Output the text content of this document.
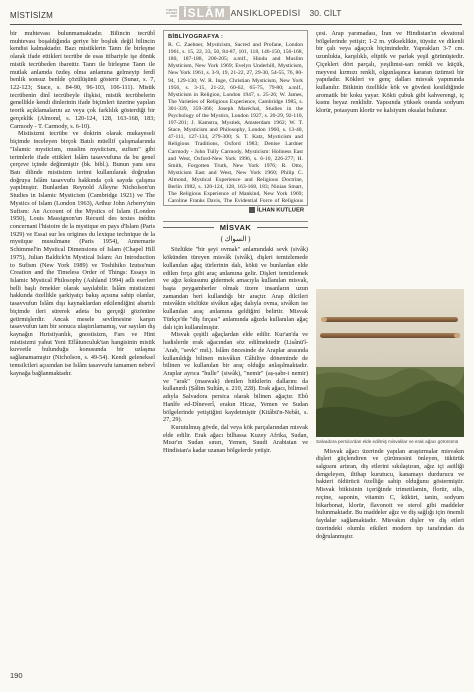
MİSTİSİZM
TÜRKİYE
DİYANET
VAKFI İSLÂM ANSİKLOPEDİSİ 30. CİLT

bir muhtevası bulunmamaktadır. Bilincin tecrübî muhtevası boşaldığında geriye bir boşluk değil bilincin kendisi kalmaktadır. Bazı mistiklerin Tanrı ile birleşme olarak ifade ettikleri tecrübe de esas itibariyle işe dönük mistik tecrübeden ibarettir. Tanrı ile birleşme Tanrı ile mutlak anlamda özdeş olma anlamına gelmeyip ferdî benlik sonsuz benlde çözülüşünü gösterir (Sunar, s. 7, 122-123; Stace, s. 84-90, 96-103, 106-111). Mistik tecrübenin dinî tecrübeyle ilişkisi, mistik tecrübelerin genellikle kendi dinlerinin ifade biçimleri üzerine yapılan teorik açıklamalarını az veya çok farklılık gösterdiği bir gerçeklik (Almond, s. 120-124, 128, 163-168, 183; Carmody - T. Carmody, s. 6-10).

Mistisizmi tecrübe ve doktrin olarak mukayeseli biçimde inceleyen birçok Batılı müellif çalışmalarında "Islamic mysticism, muslim mysticism, sufism" gibi terimlerle ifade ettikleri İslâm tasavvufuna da bu genel çerçeve içinde değinmiştir (bk. bibl.). Bunun yanı sıra Batı dilinde mistisizm terimi kullanılarak doğrudan doğruya İslâm tasavvufu hakkında çok sayıda çalışma yapılmıştır. Bunlardan Reynold Alleyne Nicholson'un Studies in Islamic Mysticism (Cambridge 1921) ve The Mystics of Islam (London 1963), Arthur John Arberry'nin Sufism: An Account of the Mystics of Islam (London 1950), Louis Massignon'un Recueil des textes inédits concernant l'histoire de la mystique en pays d'Islam (Paris 1929) ve Essai sur les origines du lexique technique de la mystique musulmane (Paris 1954), Annemarie Schimmel'in Mystical Dimensions of Islam (Chapel Hill 1975), Julian Baldick'in Mystical Islam: An Introduction to Sufism (New York 1989) ve Toshihiko Izutsu'nun Creation and the Timeless Order of Things: Essays in Islamic Mystical Philosophy (Ashland 1994) adlı eserleri belli başlı örnekler olarak sayılabilir. İslâm mistisizmi hakkında özellikle şarkiyatçı bakış açısına sahip olanlar, tasavvufun İslâm dışı kaynaklardan etkilendiğini abartılı biçimde ileri sürerek adeta bu gerçeği gözönüne getirmişlerdir. Ancak mesele sevilmesine karşın tasavvufun tam bir sonuca ulaştırılamamış, var sayılan dış kaynağın Hıristiyanlık, gnostisizm, Fars ve Hint mistisizmi yahut Yeni Eflâtunculuk'tan hangisinin mistik kuvvetle bulunduğu konusunda bir uzlaşma sağlanamamıştır (Nicholson, s. 49-54). Kendi geleneksel temsilcileri açısından ise İslâm tasavvufu tamamen nebevî kaynağa bağlanmaktadır.

BİBLİYOGRAFYA :
R. C. Zaehner, Mysticism, Sacred and Profane, London 1961, s. 15, 22, 33, 50, 84-87, 101, 118, 146-150, 156-168, 180, 187-188, 200-205; a.mlf., Hindu and Muslim Mysticism, New York 1969; Evelyn Underhill, Mysticism, New York 1961, s. 3-9, 19, 21-22, 27, 29-30, 54-55, 76, 80-94, 129-130; W. R. Inge, Christian Mysticism, New York 1956, s. 3-15, 21-22, 60-62, 65-75, 79-80; a.mlf., Mysticism in Religion, London 1947, s. 25-26; W. James, The Varieties of Religious Experience, Cambridge 1985, s. 301-339, 359-366; Joseph Maréchal, Studies in the Psychology of the Mystics, London 1927, s. 20-29, 92-110, 197-201; J. Kamstra, Mystiek, Amsterdam 1962; W. T. Stace, Mysticism and Philosophy, London 1960, s. 13-40, 47-111, 127-134, 279-300; S. T. Katz, Mysticism and Religious Traditions, Oxford 1983; Denise Lardner Carmody - John Tully Carmody, Mysticism: Holiness East and West, Oxford-New York 1996, s. 6-10, 226-277; H. Smith, Forgotten Truth, New York 1976; R. Otto, Mysticism East and West, New York 1960; Philip C. Almond, Mystical Experience and Religious Doctrine, Berlin 1982, s. 120-124, 128, 163-168, 183; Ninian Smart, The Religious Experience of Mankind, New York 1969; Caroline Franks Davis, The Evidential Force of Religious
İLHAN KUTLUER
MİSVAK
( السواك )

Sözlükte "bir şeyi ovmak" anlamındaki sevk (sivâk) kökünden türeyen misvâk (sivâk), dişleri temizlemede kullanılan ağaç türlerinin dalı, kökü ve bunlardan elde edilen fırça gibi araç anlamına gelir. Dişleri temizlemek ve ağız kokusunu gidermek amacıyla kullanılan misvak, başta peygamberler olmak üzere insanların uzun zamandan beri kullandığı bir araçtır. Arap dilcileri misvâkin sözlükte sivâkın ağaç dalıyla ovma, sivâkın ise kullanılan araç anlamına geldiğini belirtir. Misvak Türkçe'de "diş fırçası" anlamında ağızda kullanılan ağaç dalı için kullanılmıştır.

Misvak çeşitli ağaçlardan elde edilir. Kur'an'da ve hadislerde erak ağacından söz edilmektedir (Lisânü'l-ʿArab, "sevk" md.). İslâm öncesinde de Araplar arasında kullanıldığı bilinen misvâkın Câhiliye döneminde de bilinen ve kullanılan bir araç olduğu anlaşılmaktadır. Araplar ayrıca "hulle" (siwâk), "nemir" (aṣ-ṣabr-i nemir) ve "arak" (maswak) denilen bitkilerin dallarını da kullanırdı (Ṣâlim Sultân, s. 210, 228). Erak ağacı, bilimsel adıyla Salvadora persica olarak bilinen ağaçtır. Ebû Hanîfe ed-Dîneverî, erakın Hicaz, Yemen ve Sudan bölgelerinde yetiştiğini kaydetmiştir (Kitâbü'n-Nebât, s. 27, 29).

Kurutulmuş gövde, dal veya kök parçalarından misvak elde edilir. Erak ağacı bilhassa Kuzey Afrika, Sudan, Mısır'ın Sudan sınırı, Yemen, Suudi Arabistan ve Hindistan'a kadar uzanan bölgelerde yetişir.

çesi. Arap yarımadası, İran ve Hindistan'ın ekvatoral bölgelerinde yetişir; 1-2 m. yükseklikte, tüysüz ve dikenli bir çalı veya ağaçcık biçimindedir. Yaprakları 3-7 cm. uzunlukta, karşılıklı, eliptik ve parlak yeşil görünüştedir. Çiçekleri dört parçalı, yeşilimsi-sarı renkli ve küçük, meyvesi kırmızı renkli, olgunlaşınca kararan üzümsü bir yapıdadır. Kökleri ve genç dalları misvak yapımında kullanılır. Bitkinin özellikle kök ve gövdesi kesildiğinde aromatik bir koku yayar. Kökü çubuk gibi kahverengi, iç kısmı beyaz renklidir. Yapısında yüksek oranda sodyum klorür, potasyum klorür ve kalsiyum oksalat bulunur.

Salvadora persica'dan elde edilmiş misvaklar ve erak ağacı görünümü

Misvak ağacı üzerinde yapılan araştırmalar misvakın dişleri güçlendiren ve çürümesini önleyen, tükürük salgısını artıran, diş etlerini sıkılaştıran, ağız içi asitliği dengeleyen, iltihap kurutucu, kanamayı durdurucu ve bakteri öldürücü özelliğe sahip olduğunu göstermiştir. Misvak bitkisinin içeriğinde trimetilamin, florür, silis, reçine, saponin, vitamin C, kükürt, tanin, sodyum bikarbonat, klorür, flavonoit ve sterol gibi maddeler bulunmaktadır. Bu maddeler ağız ve diş sağlığı için önemli faydalar sağlamaktadır. Misvakın dişler ve diş etleri üzerindeki olumlu etkileri modern tıp tarafından da doğrulanmıştır.

190
